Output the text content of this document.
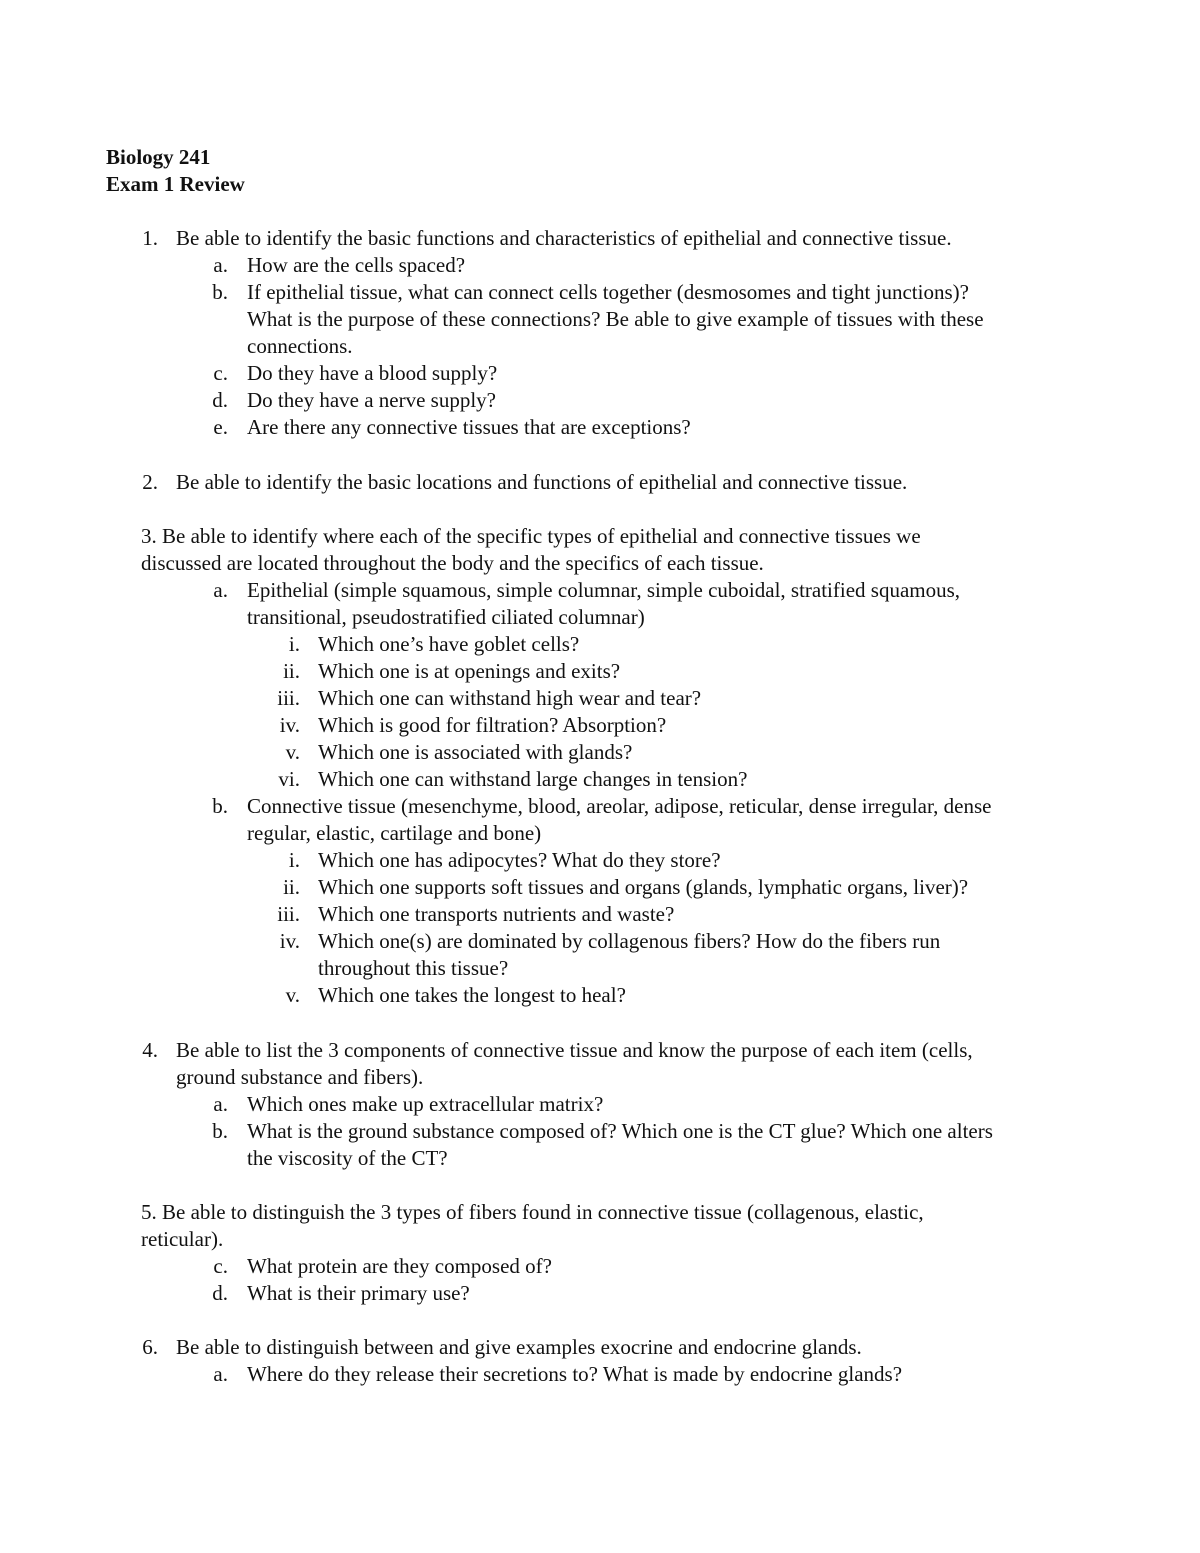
Biology 241
Exam 1 Review
1. Be able to identify the basic functions and characteristics of epithelial and connective tissue.
a. How are the cells spaced?
b. If epithelial tissue, what can connect cells together (desmosomes and tight junctions)?
What is the purpose of these connections? Be able to give example of tissues with these
connections.
c. Do they have a blood supply?
d. Do they have a nerve supply?
e. Are there any connective tissues that are exceptions?
2. Be able to identify the basic locations and functions of epithelial and connective tissue.
3. Be able to identify where each of the specific types of epithelial and connective tissues we
discussed are located throughout the body and the specifics of each tissue.
a. Epithelial (simple squamous, simple columnar, simple cuboidal, stratified squamous,
transitional, pseudostratified ciliated columnar)
i. Which one’s have goblet cells?
ii. Which one is at openings and exits?
iii. Which one can withstand high wear and tear?
iv. Which is good for filtration? Absorption?
v. Which one is associated with glands?
vi. Which one can withstand large changes in tension?
b. Connective tissue (mesenchyme, blood, areolar, adipose, reticular, dense irregular, dense
regular, elastic, cartilage and bone)
i. Which one has adipocytes? What do they store?
ii. Which one supports soft tissues and organs (glands, lymphatic organs, liver)?
iii. Which one transports nutrients and waste?
iv. Which one(s) are dominated by collagenous fibers? How do the fibers run
throughout this tissue?
v. Which one takes the longest to heal?
4. Be able to list the 3 components of connective tissue and know the purpose of each item (cells,
ground substance and fibers).
a. Which ones make up extracellular matrix?
b. What is the ground substance composed of? Which one is the CT glue? Which one alters
the viscosity of the CT?
5. Be able to distinguish the 3 types of fibers found in connective tissue (collagenous, elastic,
reticular).
c. What protein are they composed of?
d. What is their primary use?
6. Be able to distinguish between and give examples exocrine and endocrine glands.
a. Where do they release their secretions to? What is made by endocrine glands?
